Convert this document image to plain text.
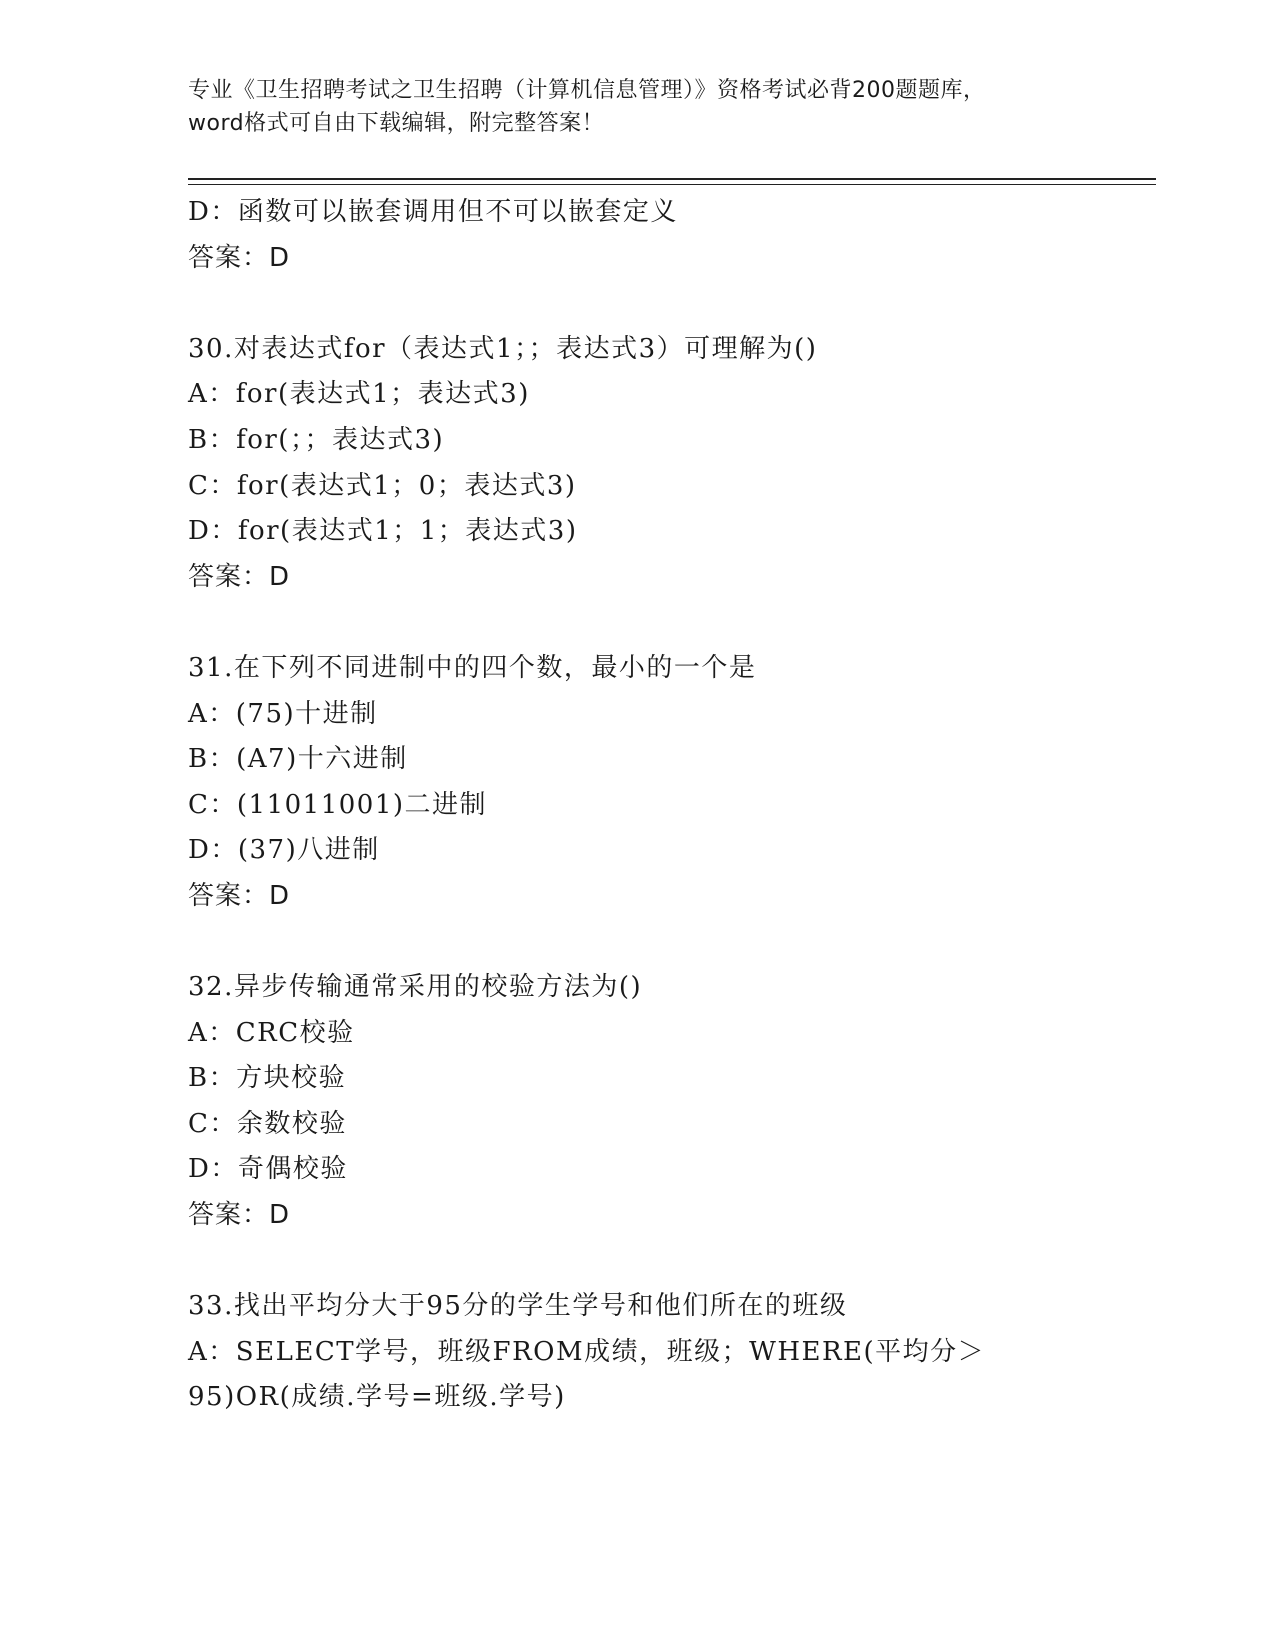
专业《卫生招聘考试之卫生招聘（计算机信息管理）》资格考试必背200题题库，
word格式可自由下载编辑，附完整答案！
D：函数可以嵌套调用但不可以嵌套定义
答案：D
30.对表达式for（表达式1；；表达式3）可理解为()
A：for(表达式1；表达式3)
B：for(；；表达式3)
C：for(表达式1；0；表达式3)
D：for(表达式1；1；表达式3)
答案：D
31.在下列不同进制中的四个数，最小的一个是
A：(75)十进制
B：(A7)十六进制
C：(11011001)二进制
D：(37)八进制
答案：D
32.异步传输通常采用的校验方法为()
A：CRC校验
B：方块校验
C：余数校验
D：奇偶校验
答案：D
33.找出平均分大于95分的学生学号和他们所在的班级
A：SELECT学号，班级FROM成绩，班级；WHERE(平均分＞95)OR(成绩.学号=班级.学号)
